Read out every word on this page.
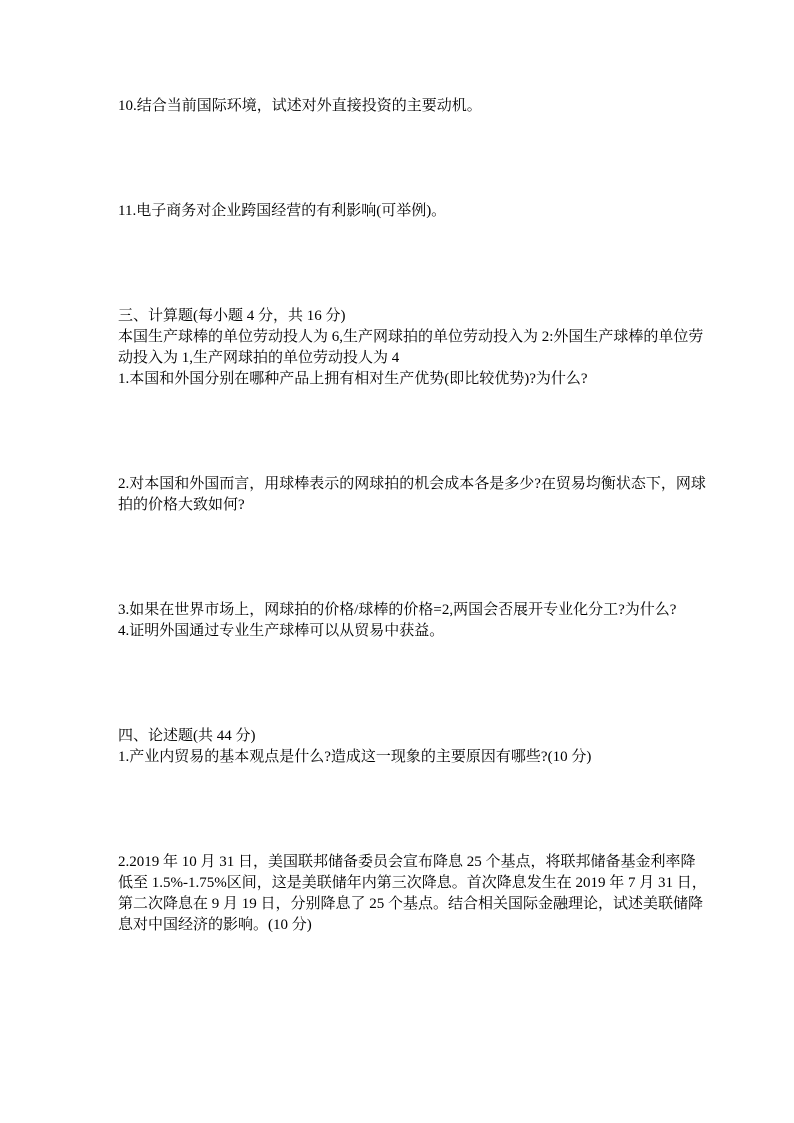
10.结合当前国际环境，试述对外直接投资的主要动机。
11.电子商务对企业跨国经营的有利影响(可举例)。
三、计算题(每小题 4 分，共 16 分)
本国生产球棒的单位劳动投人为 6,生产网球拍的单位劳动投入为 2:外国生产球棒的单位劳
动投入为 1,生产网球拍的单位劳动投人为 4
1.本国和外国分别在哪种产品上拥有相对生产优势(即比较优势)?为什么?
2.对本国和外国而言，用球棒表示的网球拍的机会成本各是多少?在贸易均衡状态下，网球
拍的价格大致如何?
3.如果在世界市场上，网球拍的价格/球棒的价格=2,两国会否展开专业化分工?为什么?
4.证明外国通过专业生产球棒可以从贸易中获益。
四、论述题(共 44 分)
1.产业内贸易的基本观点是什么?造成这一现象的主要原因有哪些?(10 分)
2.2019 年 10 月 31 日，美国联邦储备委员会宣布降息 25 个基点，将联邦储备基金利率降
低至 1.5%-1.75%区间，这是美联储年内第三次降息。首次降息发生在 2019 年 7 月 31 日，
第二次降息在 9 月 19 日，分别降息了 25 个基点。结合相关国际金融理论，试述美联储降
息对中国经济的影响。(10 分)
